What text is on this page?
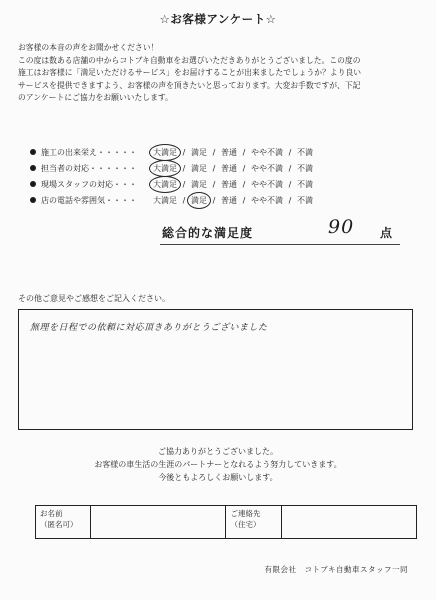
☆お客様アンケート☆
お客様の本音の声をお聞かせください！
この度は数ある店舗の中からコトブキ自動車をお選びいただきありがとうございました。この度の
施工はお客様に「満足いただけるサービス」をお届けすることが出来ましたでしょうか？より良い
サービスを提供できますよう、お客様の声を頂きたいと思っております。大変お手数ですが、下記
のアンケートにご協力をお願いいたします。
施工の出来栄え・・・・・ 大満足 / 満足 / 普通 / やや不満 / 不満
担当者の対応・・・・・・ 大満足 / 満足 / 普通 / やや不満 / 不満
現場スタッフの対応・・・ 大満足 / 満足 / 普通 / やや不満 / 不満
店の電話や雰囲気・・・・ 大満足 / 満足 / 普通 / やや不満 / 不満
総合的な満足度	90 点
その他ご意見やご感想をご記入ください。
無理を日程での依頼に対応頂きありがとうございました
ご協力ありがとうございました。
お客様の車生活の生涯のパートナーとなれるよう努力していきます。
今後ともよろしくお願いします。
お名前
（匿名可）

ご連絡先
（住宅）

有限会社　コトブキ自動車スタッフ一同
